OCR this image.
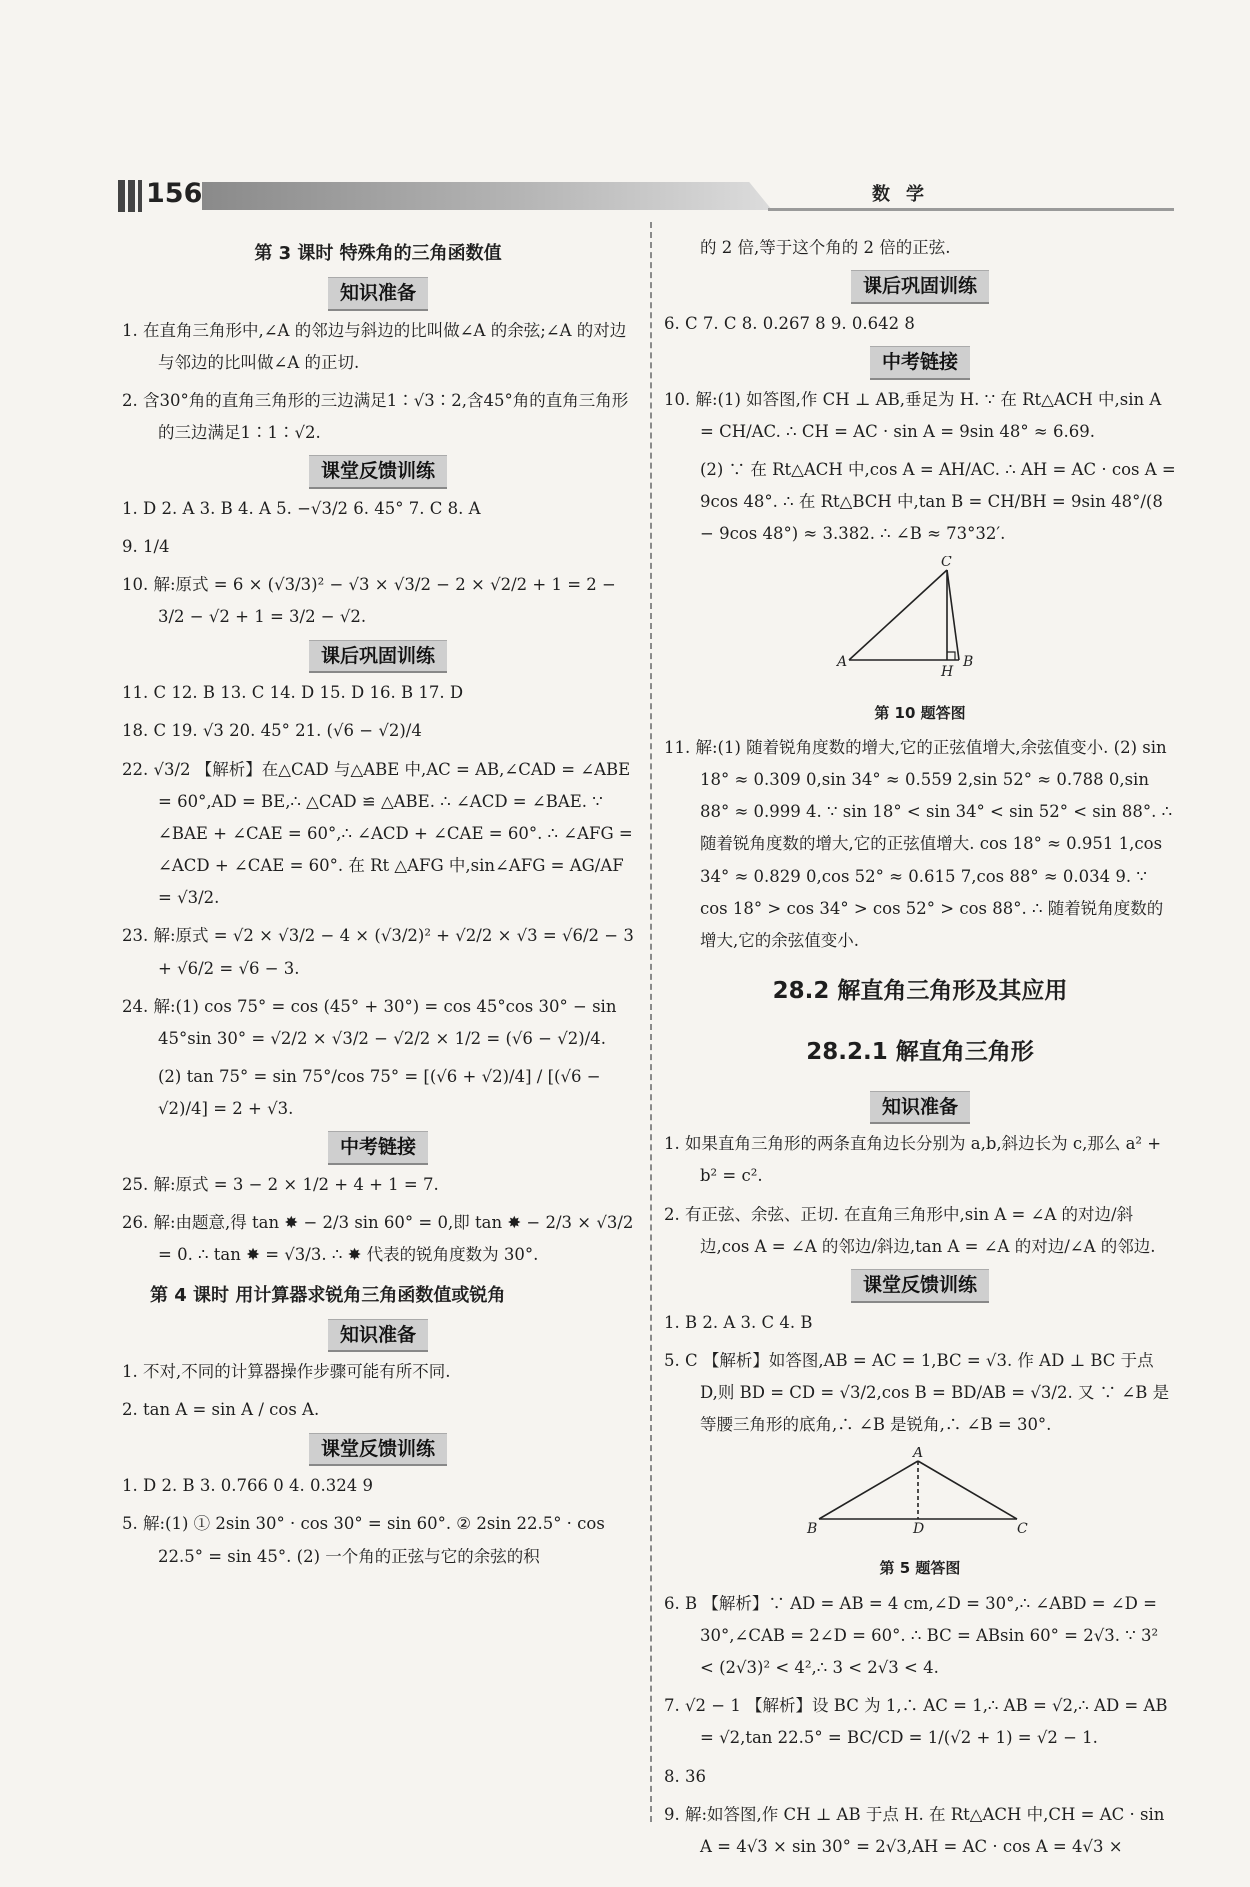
156	数学
第 3 课时 特殊角的三角函数值
知识准备
1. 在直角三角形中,∠A 的邻边与斜边的比叫做∠A 的余弦;∠A 的对边与邻边的比叫做∠A 的正切.
2. 含30°角的直角三角形的三边满足1∶√3∶2,含45°角的直角三角形的三边满足1∶1∶√2.
课堂反馈训练
1. D 2. A 3. B 4. A 5. −√3/2 6. 45° 7. C 8. A
9. 1/4
10. 解:原式 = 6 × (√3/3)² − √3 × √3/2 − 2 × √2/2 + 1 = 2 − 3/2 − √2 + 1 = 3/2 − √2.
课后巩固训练
11. C 12. B 13. C 14. D 15. D 16. B 17. D
18. C 19. √3 20. 45° 21. (√6 − √2)/4
22. √3/2 【解析】在△CAD 与△ABE 中,AC = AB,∠CAD = ∠ABE = 60°,AD = BE,∴ △CAD ≌ △ABE. ∴ ∠ACD = ∠BAE. ∵ ∠BAE + ∠CAE = 60°,∴ ∠ACD + ∠CAE = 60°. ∴ ∠AFG = ∠ACD + ∠CAE = 60°. 在 Rt △AFG 中,sin∠AFG = AG/AF = √3/2.
23. 解:原式 = √2 × √3/2 − 4 × (√3/2)² + √2/2 × √3 = √6/2 − 3 + √6/2 = √6 − 3.
24. 解:(1) cos 75° = cos (45° + 30°) = cos 45°cos 30° − sin 45°sin 30° = √2/2 × √3/2 − √2/2 × 1/2 = (√6 − √2)/4.
(2) tan 75° = sin 75°/cos 75° = [(√6 + √2)/4] / [(√6 − √2)/4] = 2 + √3.
中考链接
25. 解:原式 = 3 − 2 × 1/2 + 4 + 1 = 7.
26. 解:由题意,得 tan ✸ − 2/3 sin 60° = 0,即 tan ✸ − 2/3 × √3/2 = 0. ∴ tan ✸ = √3/3. ∴ ✸ 代表的锐角度数为 30°.
第 4 课时 用计算器求锐角三角函数值或锐角
知识准备
1. 不对,不同的计算器操作步骤可能有所不同.
2. tan A = sin A / cos A.
课堂反馈训练
1. D 2. B 3. 0.766 0 4. 0.324 9
5. 解:(1) ① 2sin 30° · cos 30° = sin 60°. ② 2sin 22.5° · cos 22.5° = sin 45°. (2) 一个角的正弦与它的余弦的积
的 2 倍,等于这个角的 2 倍的正弦.
课后巩固训练
6. C 7. C 8. 0.267 8 9. 0.642 8
中考链接
10. 解:(1) 如答图,作 CH ⊥ AB,垂足为 H. ∵ 在 Rt△ACH 中,sin A = CH/AC. ∴ CH = AC · sin A = 9sin 48° ≈ 6.69.
(2) ∵ 在 Rt△ACH 中,cos A = AH/AC. ∴ AH = AC · cos A = 9cos 48°. ∴ 在 Rt△BCH 中,tan B = CH/BH = 9sin 48°/(8 − 9cos 48°) ≈ 3.382. ∴ ∠B ≈ 73°32′.
A	B
C
H
第 10 题答图
11. 解:(1) 随着锐角度数的增大,它的正弦值增大,余弦值变小. (2) sin 18° ≈ 0.309 0,sin 34° ≈ 0.559 2,sin 52° ≈ 0.788 0,sin 88° ≈ 0.999 4. ∵ sin 18° < sin 34° < sin 52° < sin 88°. ∴ 随着锐角度数的增大,它的正弦值增大. cos 18° ≈ 0.951 1,cos 34° ≈ 0.829 0,cos 52° ≈ 0.615 7,cos 88° ≈ 0.034 9. ∵ cos 18° > cos 34° > cos 52° > cos 88°. ∴ 随着锐角度数的增大,它的余弦值变小.
28.2 解直角三角形及其应用
28.2.1 解直角三角形
知识准备
1. 如果直角三角形的两条直角边长分别为 a,b,斜边长为 c,那么 a² + b² = c².
2. 有正弦、余弦、正切. 在直角三角形中,sin A = ∠A 的对边/斜边,cos A = ∠A 的邻边/斜边,tan A = ∠A 的对边/∠A 的邻边.
课堂反馈训练
1. B 2. A 3. C 4. B
5. C 【解析】如答图,AB = AC = 1,BC = √3. 作 AD ⊥ BC 于点 D,则 BD = CD = √3/2,cos B = BD/AB = √3/2. 又 ∵ ∠B 是等腰三角形的底角,∴ ∠B 是锐角,∴ ∠B = 30°.
A
B	C
D
第 5 题答图
6. B 【解析】∵ AD = AB = 4 cm,∠D = 30°,∴ ∠ABD = ∠D = 30°,∠CAB = 2∠D = 60°. ∴ BC = ABsin 60° = 2√3. ∵ 3² < (2√3)² < 4²,∴ 3 < 2√3 < 4.
7. √2 − 1 【解析】设 BC 为 1,∴ AC = 1,∴ AB = √2,∴ AD = AB = √2,tan 22.5° = BC/CD = 1/(√2 + 1) = √2 − 1.
8. 36
9. 解:如答图,作 CH ⊥ AB 于点 H. 在 Rt△ACH 中,CH = AC · sin A = 4√3 × sin 30° = 2√3,AH = AC · cos A = 4√3 ×
